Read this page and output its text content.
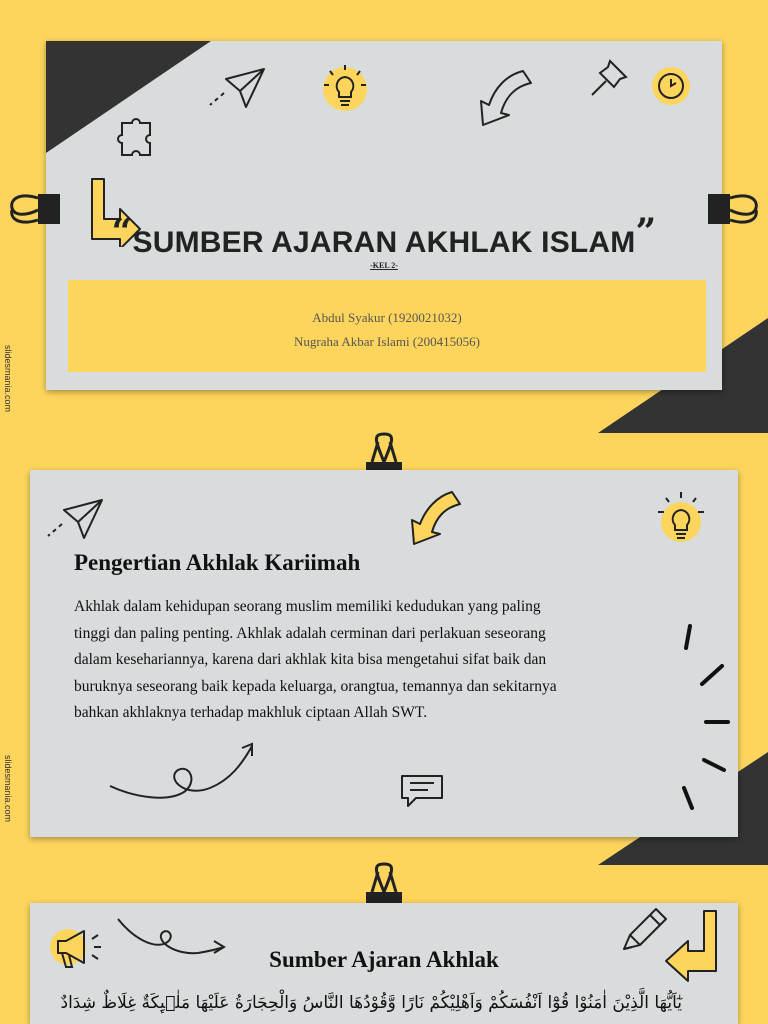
slidesmania.com
slidesmania.com
“SUMBER AJARAN AKHLAK ISLAM”
-KEL 2-
Abdul Syakur (1920021032)
Nugraha Akbar Islami (200415056)
Pengertian Akhlak Kariimah
Akhlak dalam kehidupan seorang muslim memiliki kedudukan yang paling
tinggi dan paling penting. Akhlak adalah cerminan dari perlakuan seseorang
dalam kesehariannya, karena dari akhlak kita bisa mengetahui sifat baik dan
buruknya seseorang baik kepada keluarga, orangtua, temannya dan sekitarnya
bahkan akhlaknya terhadap makhluk ciptaan Allah SWT.
Sumber Ajaran Akhlak
يٰٓاَيُّهَا الَّذِيْنَ اٰمَنُوْا قُوْٓا اَنْفُسَكُمْ وَاَهْلِيْكُمْ نَارًا وَّقُوْدُهَا النَّاسُ وَالْحِجَارَةُ عَلَيْهَا مَلٰۤىِٕكَةٌ غِلَاظٌ شِدَادٌ
